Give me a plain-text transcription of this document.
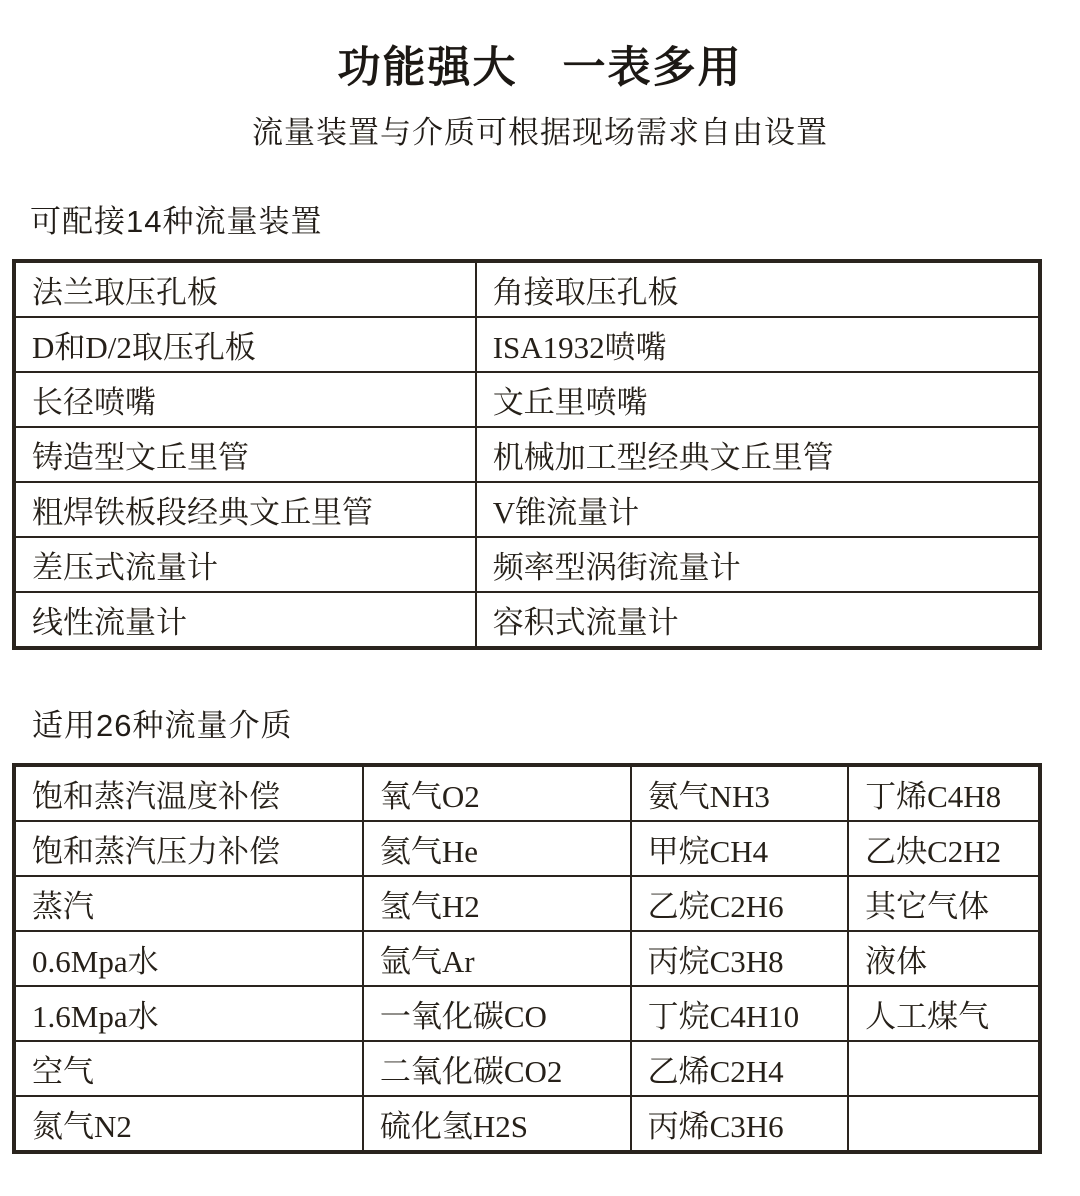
功能强大　一表多用

流量装置与介质可根据现场需求自由设置

可配接14种流量装置
法兰取压孔板	角接取压孔板
D和D/2取压孔板	ISA1932喷嘴
长径喷嘴	文丘里喷嘴
铸造型文丘里管	机械加工型经典文丘里管
粗焊铁板段经典文丘里管	V锥流量计
差压式流量计	频率型涡街流量计
线性流量计	容积式流量计
适用26种流量介质
饱和蒸汽温度补偿	氧气O2	氨气NH3	丁烯C4H8
饱和蒸汽压力补偿	氦气He	甲烷CH4	乙炔C2H2
蒸汽	氢气H2	乙烷C2H6	其它气体
0.6Mpa水	氩气Ar	丙烷C3H8	液体
1.6Mpa水	一氧化碳CO	丁烷C4H10	人工煤气
空气	二氧化碳CO2	乙烯C2H4	
氮气N2	硫化氢H2S	丙烯C3H6	
